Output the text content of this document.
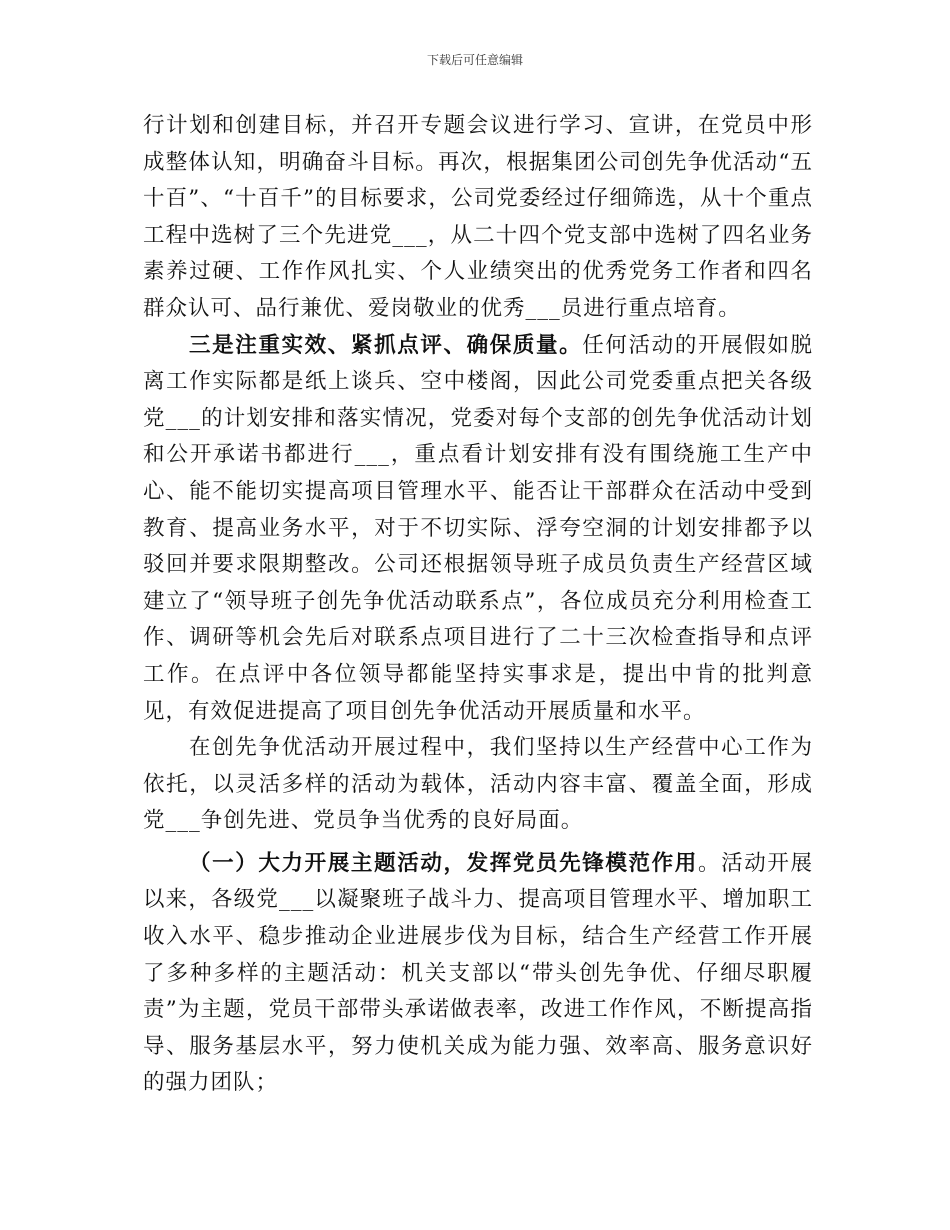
下载后可任意编辑

行计划和创建目标，并召开专题会议进行学习、宣讲，在党员中形成整体认知，明确奋斗目标。再次，根据集团公司创先争优活动“五十百”、“十百千”的目标要求，公司党委经过仔细筛选，从十个重点工程中选树了三个先进党___，从二十四个党支部中选树了四名业务素养过硬、工作作风扎实、个人业绩突出的优秀党务工作者和四名群众认可、品行兼优、爱岗敬业的优秀___员进行重点培育。

三是注重实效、紧抓点评、确保质量。任何活动的开展假如脱离工作实际都是纸上谈兵、空中楼阁，因此公司党委重点把关各级党___的计划安排和落实情况，党委对每个支部的创先争优活动计划和公开承诺书都进行___，重点看计划安排有没有围绕施工生产中心、能不能切实提高项目管理水平、能否让干部群众在活动中受到教育、提高业务水平，对于不切实际、浮夸空洞的计划安排都予以驳回并要求限期整改。公司还根据领导班子成员负责生产经营区域建立了“领导班子创先争优活动联系点”，各位成员充分利用检查工作、调研等机会先后对联系点项目进行了二十三次检查指导和点评工作。在点评中各位领导都能坚持实事求是，提出中肯的批判意见，有效促进提高了项目创先争优活动开展质量和水平。

在创先争优活动开展过程中，我们坚持以生产经营中心工作为依托，以灵活多样的活动为载体，活动内容丰富、覆盖全面，形成党___争创先进、党员争当优秀的良好局面。

（一）大力开展主题活动，发挥党员先锋模范作用。活动开展以来，各级党___以凝聚班子战斗力、提高项目管理水平、增加职工收入水平、稳步推动企业进展步伐为目标，结合生产经营工作开展了多种多样的主题活动：机关支部以“带头创先争优、仔细尽职履责”为主题，党员干部带头承诺做表率，改进工作作风，不断提高指导、服务基层水平，努力使机关成为能力强、效率高、服务意识好的强力团队；
